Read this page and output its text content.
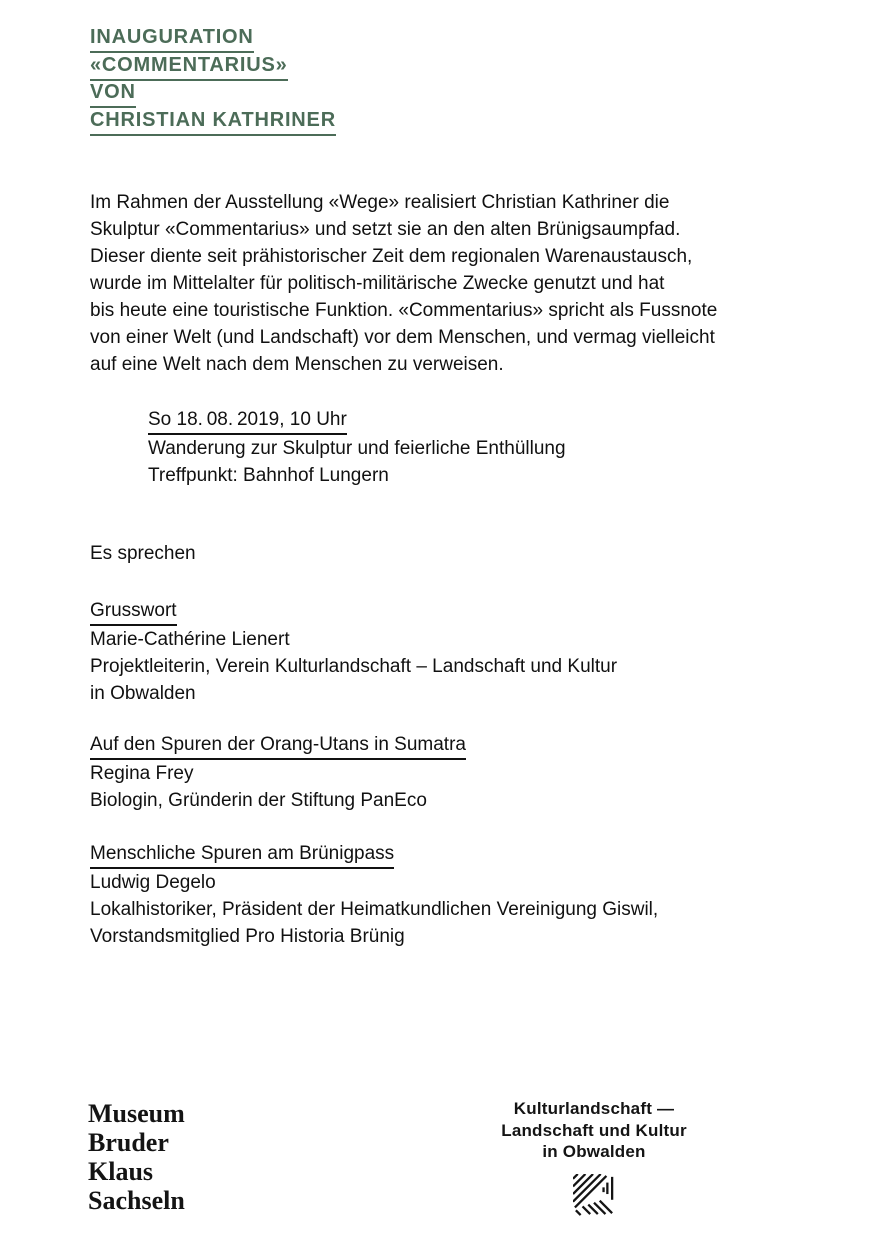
INAUGURATION
«COMMENTARIUS»
VON
CHRISTIAN KATHRINER
Im Rahmen der Ausstellung «Wege» realisiert Christian Kathriner die
Skulptur «Commentarius» und setzt sie an den alten Brünigsaumpfad.
Dieser diente seit prähistorischer Zeit dem regionalen Warenaustausch,
wurde im Mittelalter für politisch-militärische Zwecke genutzt und hat
bis heute eine touristische Funktion. «Commentarius» spricht als Fussnote
von einer Welt (und Landschaft) vor dem Menschen, und vermag vielleicht
auf eine Welt nach dem Menschen zu verweisen.
So 18. 08. 2019, 10 Uhr
Wanderung zur Skulptur und feierliche Enthüllung
Treffpunkt: Bahnhof Lungern
Es sprechen
Grusswort
Marie-Cathérine Lienert
Projektleiterin, Verein Kulturlandschaft – Landschaft und Kultur
in Obwalden
Auf den Spuren der Orang-Utans in Sumatra
Regina Frey
Biologin, Gründerin der Stiftung PanEco
Menschliche Spuren am Brünigpass
Ludwig Degelo
Lokalhistoriker, Präsident der Heimatkundlichen Vereinigung Giswil,
Vorstandsmitglied Pro Historia Brünig
Museum
Bruder
Klaus
Sachseln
Kulturlandschaft —
Landschaft und Kultur
in Obwalden
